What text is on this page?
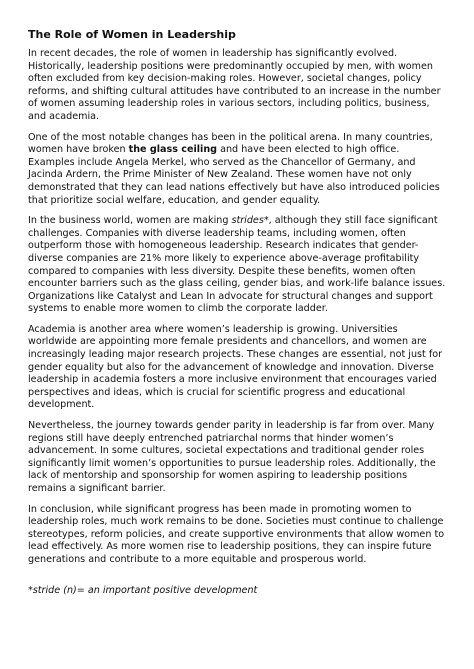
The Role of Women in Leadership

In recent decades, the role of women in leadership has significantly evolved. Historically, leadership positions were predominantly occupied by men, with women often excluded from key decision-making roles. However, societal changes, policy reforms, and shifting cultural attitudes have contributed to an increase in the number of women assuming leadership roles in various sectors, including politics, business, and academia.

One of the most notable changes has been in the political arena. In many countries, women have broken the glass ceiling and have been elected to high office. Examples include Angela Merkel, who served as the Chancellor of Germany, and Jacinda Ardern, the Prime Minister of New Zealand. These women have not only demonstrated that they can lead nations effectively but have also introduced policies that prioritize social welfare, education, and gender equality.

In the business world, women are making strides*, although they still face significant challenges. Companies with diverse leadership teams, including women, often outperform those with homogeneous leadership. Research indicates that gender-diverse companies are 21% more likely to experience above-average profitability compared to companies with less diversity. Despite these benefits, women often encounter barriers such as the glass ceiling, gender bias, and work-life balance issues. Organizations like Catalyst and Lean In advocate for structural changes and support systems to enable more women to climb the corporate ladder.

Academia is another area where women’s leadership is growing. Universities worldwide are appointing more female presidents and chancellors, and women are increasingly leading major research projects. These changes are essential, not just for gender equality but also for the advancement of knowledge and innovation. Diverse leadership in academia fosters a more inclusive environment that encourages varied perspectives and ideas, which is crucial for scientific progress and educational development.

Nevertheless, the journey towards gender parity in leadership is far from over. Many regions still have deeply entrenched patriarchal norms that hinder women’s advancement. In some cultures, societal expectations and traditional gender roles significantly limit women’s opportunities to pursue leadership roles. Additionally, the lack of mentorship and sponsorship for women aspiring to leadership positions remains a significant barrier.

In conclusion, while significant progress has been made in promoting women to leadership roles, much work remains to be done. Societies must continue to challenge stereotypes, reform policies, and create supportive environments that allow women to lead effectively. As more women rise to leadership positions, they can inspire future generations and contribute to a more equitable and prosperous world.

*stride (n)= an important positive development
